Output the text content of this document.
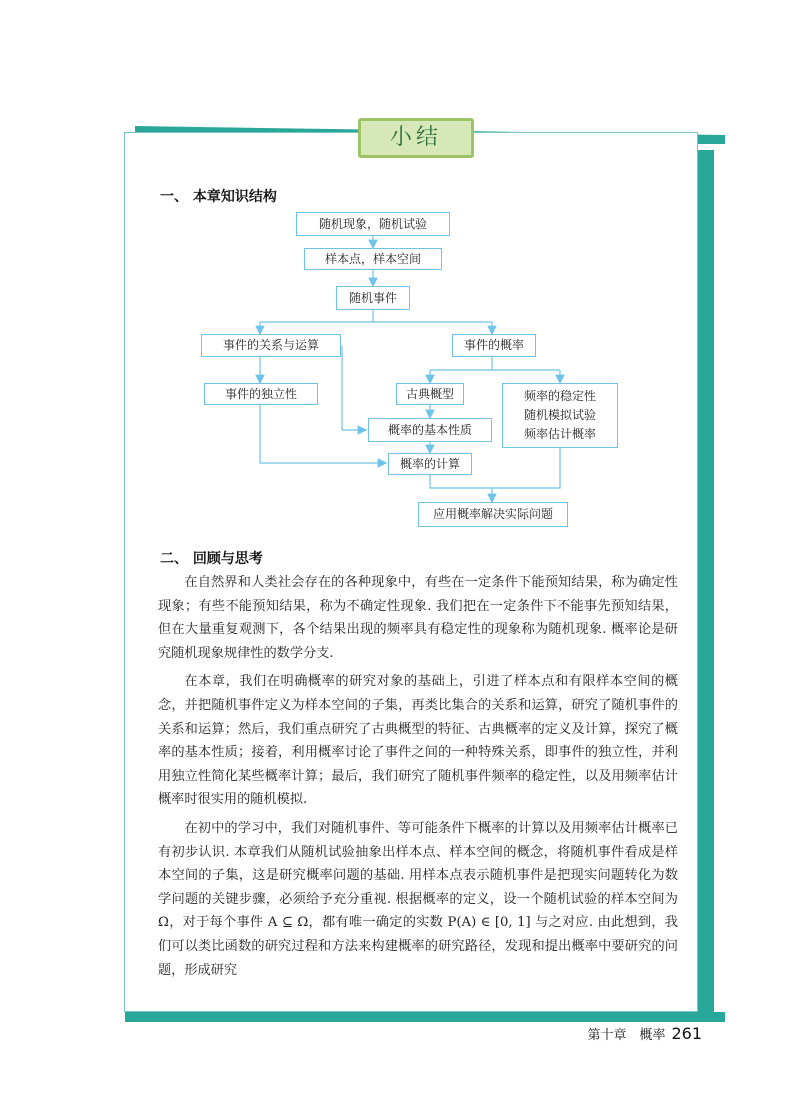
小结
一、 本章知识结构
随机现象，随机试验
样本点，样本空间
随机事件
事件的关系与运算	事件的概率
事件的独立性	古典概型	频率的稳定性
随机模拟试验
频率估计概率
概率的基本性质
概率的计算
应用概率解决实际问题
二、 回顾与思考

在自然界和人类社会存在的各种现象中，有些在一定条件下能预知结果，称为确定性现象；有些不能预知结果，称为不确定性现象. 我们把在一定条件下不能事先预知结果，但在大量重复观测下，各个结果出现的频率具有稳定性的现象称为随机现象. 概率论是研究随机现象规律性的数学分支.

在本章，我们在明确概率的研究对象的基础上，引进了样本点和有限样本空间的概念，并把随机事件定义为样本空间的子集，再类比集合的关系和运算，研究了随机事件的关系和运算；然后，我们重点研究了古典概型的特征、古典概率的定义及计算，探究了概率的基本性质；接着，利用概率讨论了事件之间的一种特殊关系，即事件的独立性，并利用独立性简化某些概率计算；最后，我们研究了随机事件频率的稳定性，以及用频率估计概率时很实用的随机模拟.

在初中的学习中，我们对随机事件、等可能条件下概率的计算以及用频率估计概率已有初步认识. 本章我们从随机试验抽象出样本点、样本空间的概念，将随机事件看成是样本空间的子集，这是研究概率问题的基础. 用样本点表示随机事件是把现实问题转化为数学问题的关键步骤，必须给予充分重视. 根据概率的定义，设一个随机试验的样本空间为 Ω，对于每个事件 A ⊆ Ω，都有唯一确定的实数 P(A) ∈ [0, 1] 与之对应. 由此想到，我们可以类比函数的研究过程和方法来构建概率的研究路径，发现和提出概率中要研究的问题，形成研究

第十章　概率 261
